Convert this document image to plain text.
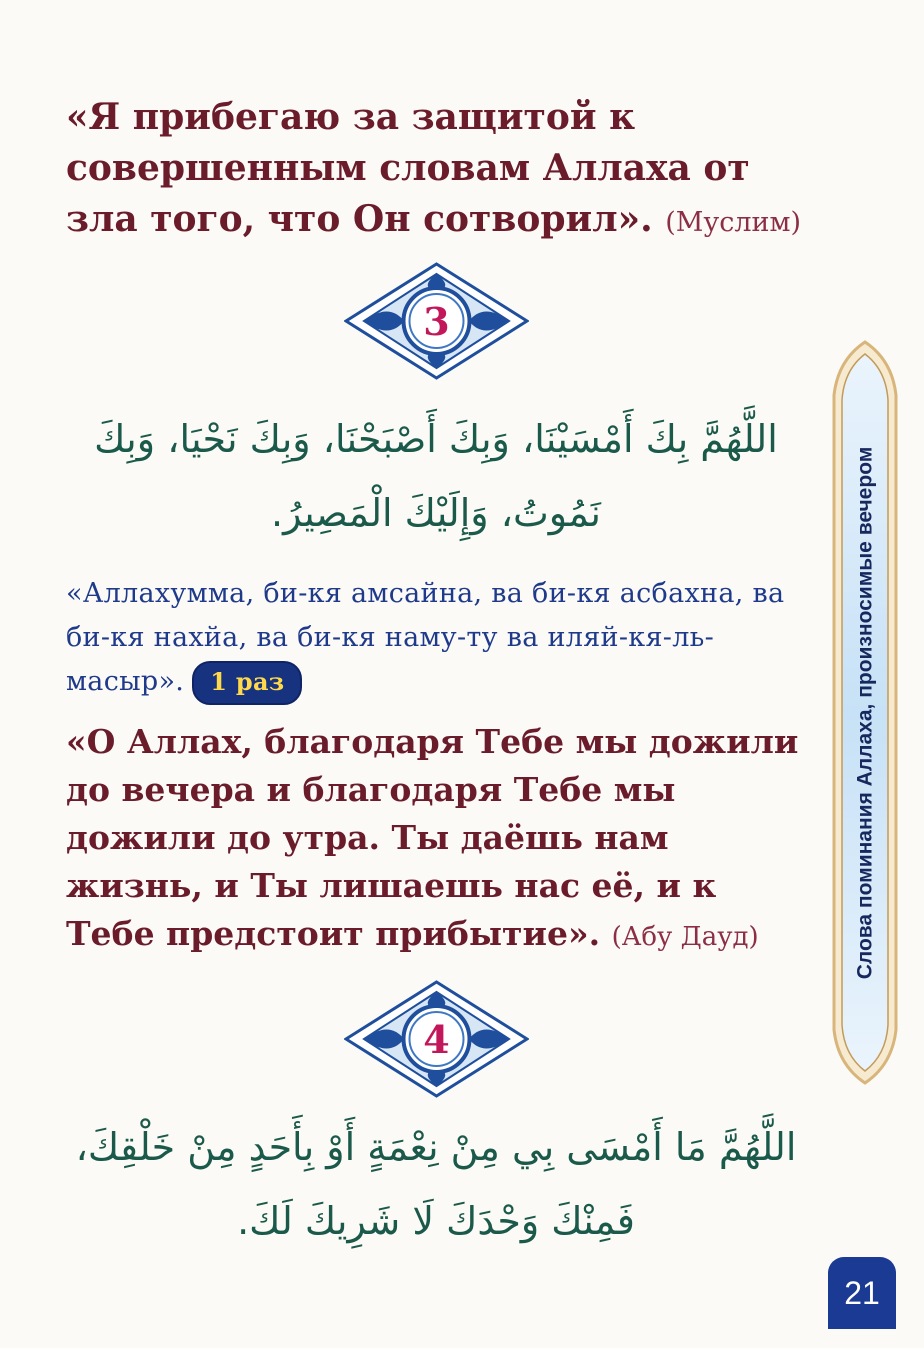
«Я прибегаю за защитой к совершенным словам Аллаха от зла того, что Он сотворил». (Муслим)

3

اللَّهُمَّ بِكَ أَمْسَيْنَا، وَبِكَ أَصْبَحْنَا، وَبِكَ نَحْيَا، وَبِكَ نَمُوتُ، وَإِلَيْكَ الْمَصِيرُ.

«Аллахумма, би-кя амсайна, ва би-кя асбахна, ва би-кя нахйа, ва би-кя наму-ту ва иляй-кя-ль-масыр». 1 раз

«О Аллах, благодаря Тебе мы дожили до вечера и благодаря Тебе мы дожили до утра. Ты даёшь нам жизнь, и Ты лишаешь нас её, и к Тебе предстоит прибытие». (Абу Дауд)

4

اللَّهُمَّ مَا أَمْسَى بِي مِنْ نِعْمَةٍ أَوْ بِأَحَدٍ مِنْ خَلْقِكَ، فَمِنْكَ وَحْدَكَ لَا شَرِيكَ لَكَ.

Слова поминания Аллаха, произносимые вечером
21
